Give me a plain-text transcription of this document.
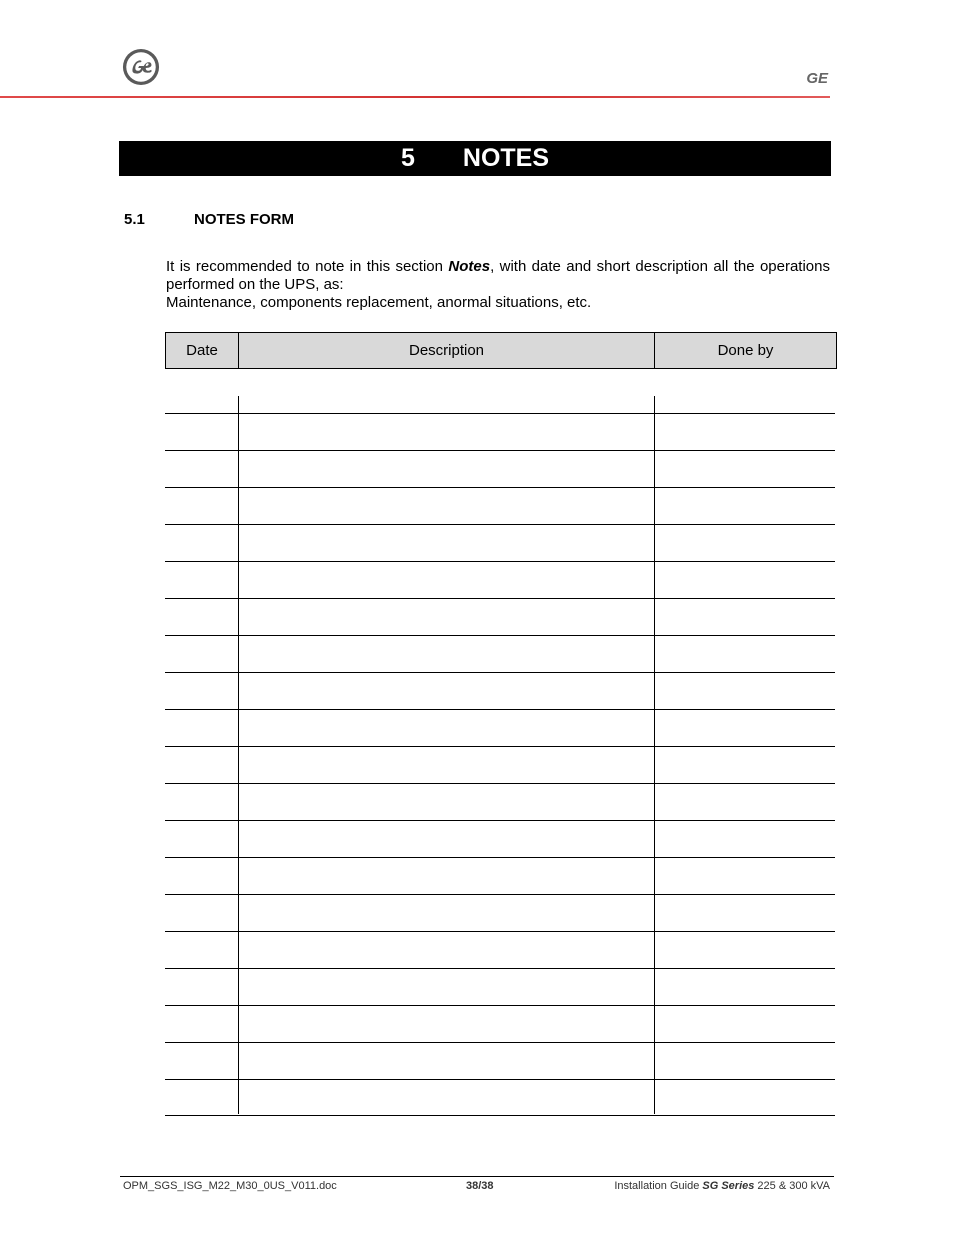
GE
5 NOTES
5.1	NOTES FORM

It is recommended to note in this section Notes, with date and short description all the operations performed on the UPS, as:

Maintenance, components replacement, anormal situations, etc.

Date	Description	Done by
OPM_SGS_ISG_M22_M30_0US_V011.doc	38/38	Installation Guide SG Series 225 & 300 kVA
